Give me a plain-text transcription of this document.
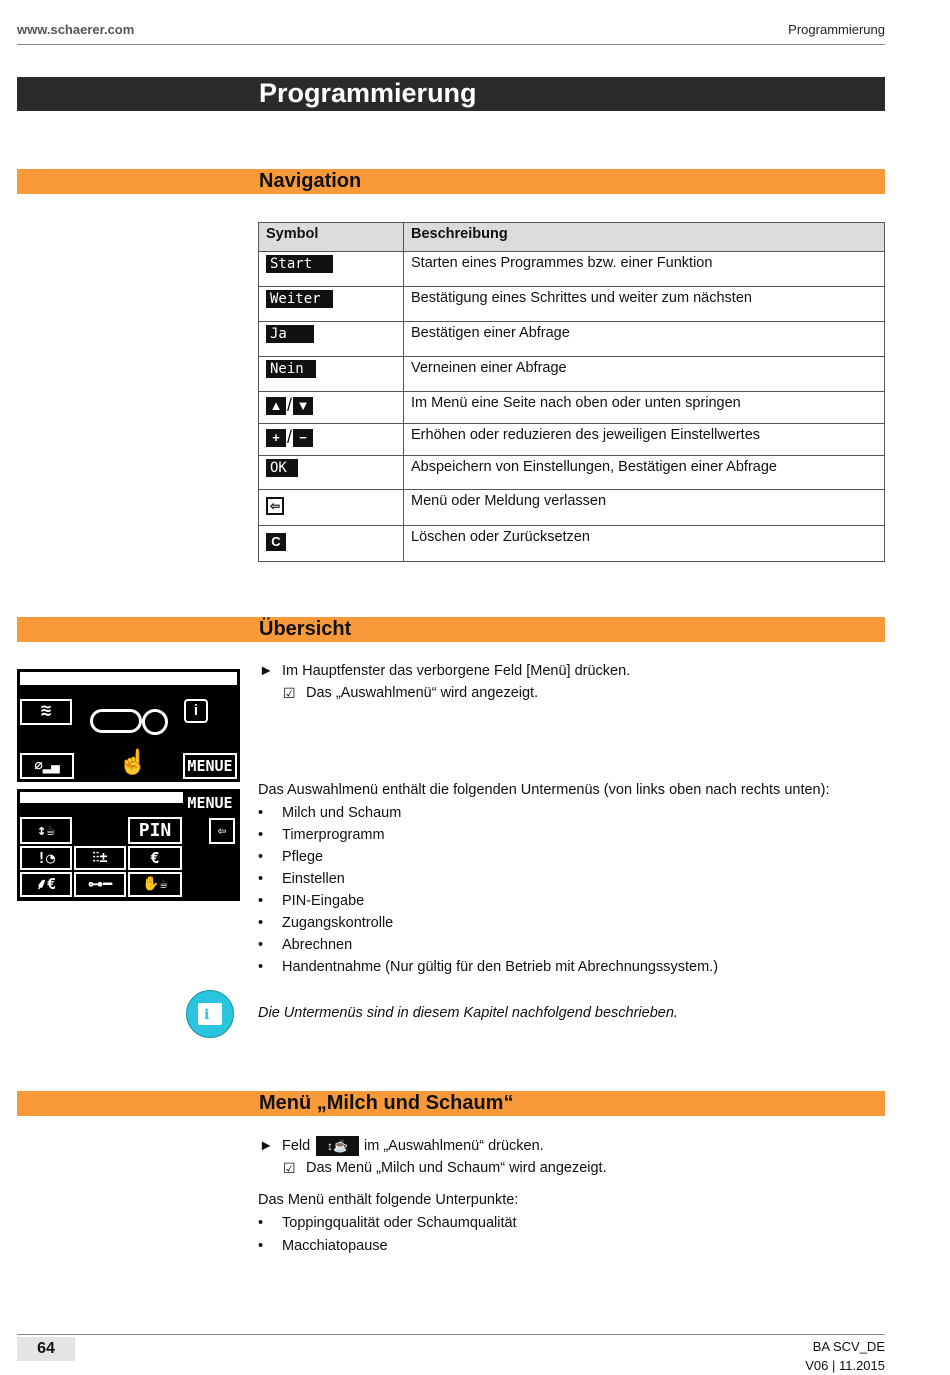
www.schaerer.com	Programmierung
Programmierung
Navigation
Symbol	Beschreibung
Start	Starten eines Programmes bzw. einer Funktion
Weiter	Bestätigung eines Schrittes und weiter zum nächsten
Ja	Bestätigen einer Abfrage
Nein	Verneinen einer Abfrage
▲ / ▼	Im Menü eine Seite nach oben oder unten springen
+ / −	Erhöhen oder reduzieren des jeweiligen Einstellwertes
OK	Abspeichern von Einstellungen, Bestätigen einer Abfrage
⇦	Menü oder Meldung verlassen
C	Löschen oder Zurücksetzen
Übersicht
≋	i
⌀▂▄	☝	MENUE
MENUE
↕☕	PIN	⇦
!◔	⫶⫶±	€
⸙€	⊶━	✋☕
► Im Hauptfenster das verborgene Feld [Menü] drücken.
☑ Das „Auswahlmenü“ wird angezeigt.
Das Auswahlmenü enthält die folgenden Untermenüs (von links oben nach rechts unten):
• Milch und Schaum
• Timerprogramm
• Pflege
• Einstellen
• PIN-Eingabe
• Zugangskontrolle
• Abrechnen
• Handentnahme (Nur gültig für den Betrieb mit Abrechnungssystem.)
i	Die Untermenüs sind in diesem Kapitel nachfolgend beschrieben.
Menü „Milch und Schaum“
► Feld	↕☕	im „Auswahlmenü“ drücken.
☑ Das Menü „Milch und Schaum“ wird angezeigt.
Das Menü enthält folgende Unterpunkte:
• Toppingqualität oder Schaumqualität
• Macchiatopause
64	BA SCV_DE
V06 | 11.2015
